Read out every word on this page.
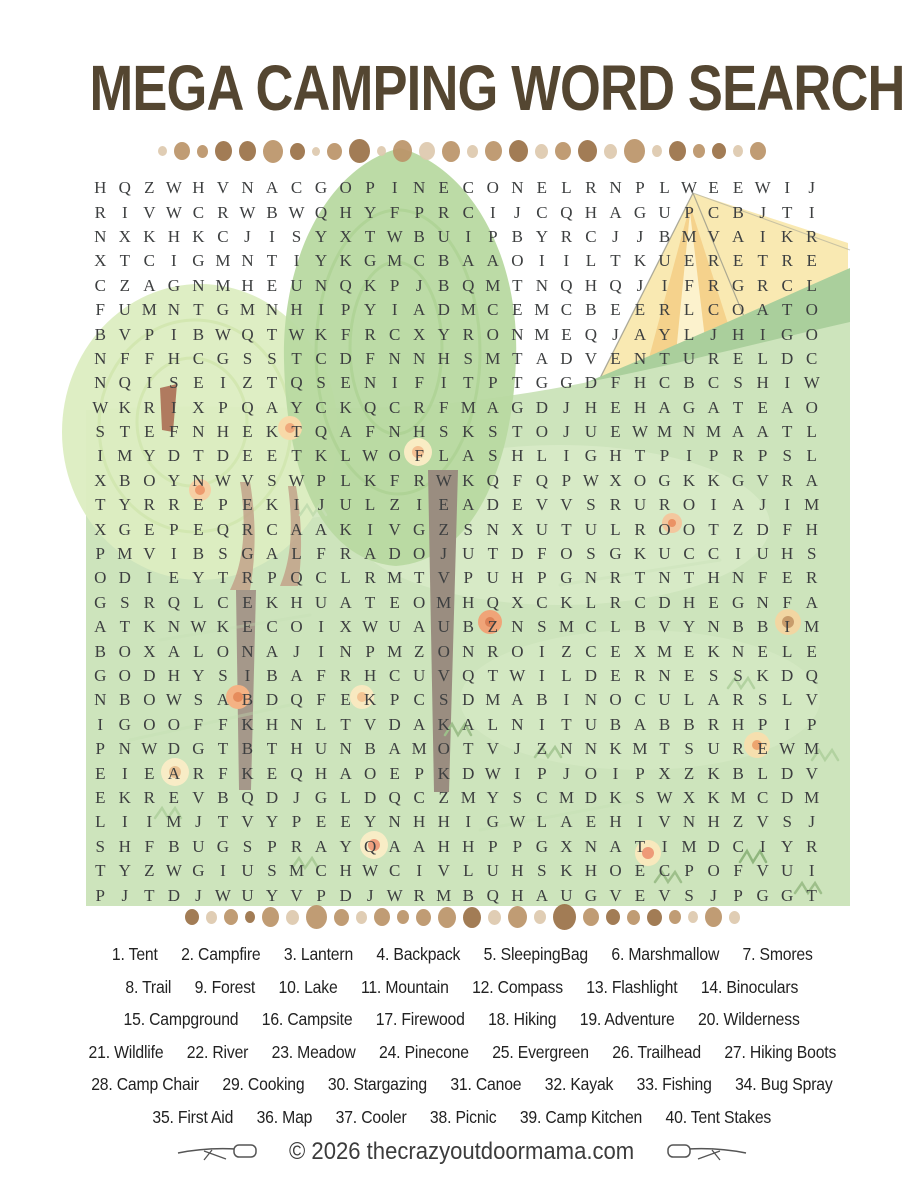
MEGA CAMPING WORD SEARCH
H Q Z W H V N A C G O P I N E C O N E L R N P L W E E W I	J
R I V W C R W B W Q H Y F P R C I	J C Q H A G U P C B J T I
N X K H K C J	I S Y X T W B U I P B Y R C J	J B M V A I K R
X T C I G M N T I Y K G M C B A A O I	I L T K U E R E T R E
C Z A G N M H E U N Q K P J B Q M T N Q H Q J	I F R G R C L
F U M N T G M N H I P Y I A D M C E M C B E E R L C O A T O
B V P I B W Q T W K F R C X Y R O N M E Q J A Y L J H I G O
N F F H C G S S T C D F N N H S M T A D V E N T U R E L D C
N Q I S E I Z T Q S E N I F I T P T G G D F H C B C S H I W
W K R I X P Q A Y C K Q C R F M A G D J H E H A G A T E A O
S T E F N H E K T Q A F N H S K S T O J U E W M N M A A T L
I M Y D T D E E T K L W O F L A S H L I G H T P I P R P S L
X B O Y N W V S W P L K F R W K Q F Q P W X O G K K G V R A
T Y R R E P E K I	J U L Z I E A D E V V S R U R O I A J	I M
X G E P E Q R C A A K I V G Z S N X U T U L R O O T Z D F H
P M V I B S G A L F R A D O J U T D F O S G K U C C I U H S
O D I E Y T R P Q C L R M T V P U H P G N R T N T H N F E R
G S R Q L C E K H U A T E O M H Q X C K L R C D H E G N F A
A T K N W K E C O I X W U A U B Z N S M C L B V Y N B B I M
B O X A L O N A J	I N P M Z O N R O I Z C E X M E K N E L E
G O D H Y S I B A F R H C U V Q T W I L D E R N E S S K D Q
N B O W S A B D Q F E K P C S D M A B I N O C U L A R S L V
I G O O F F K H N L T V D A K A L N I T U B A B B R H P I P
P N W D G T B T H U N B A M O T V J Z N N K M T S U R E W M
E I E A R F K E Q H A O E P K D W I P J O I P X Z K B L D V
E K R E V B Q D J G L D Q C Z M Y S C M D K S W X K M C D M
L I	I M J T V Y P E E Y N H H I G W L A E H I V N H Z V S J
S H F B U G S P R A Y Q A A H H P P G X N A T I M D C I Y R
T Y Z W G I U S M C H W C I V L U H S K H O E C P O F V U I
P J T D J W U Y V P D J W R M B Q H A U G V E V S J P G G T
1. Tent 2. Campfire 3. Lantern 4. Backpack 5. SleepingBag 6. Marshmallow 7. Smores
8. Trail 9. Forest 10. Lake 11. Mountain 12. Compass 13. Flashlight 14. Binoculars
15. Campground 16. Campsite 17. Firewood 18. Hiking 19. Adventure 20. Wilderness
21. Wildlife 22. River 23. Meadow 24. Pinecone 25. Evergreen 26. Trailhead 27. Hiking Boots
28. Camp Chair 29. Cooking 30. Stargazing 31. Canoe 32. Kayak 33. Fishing 34. Bug Spray
35. First Aid 36. Map 37. Cooler 38. Picnic 39. Camp Kitchen 40. Tent Stakes
© 2026 thecrazyoutdoormama.com
